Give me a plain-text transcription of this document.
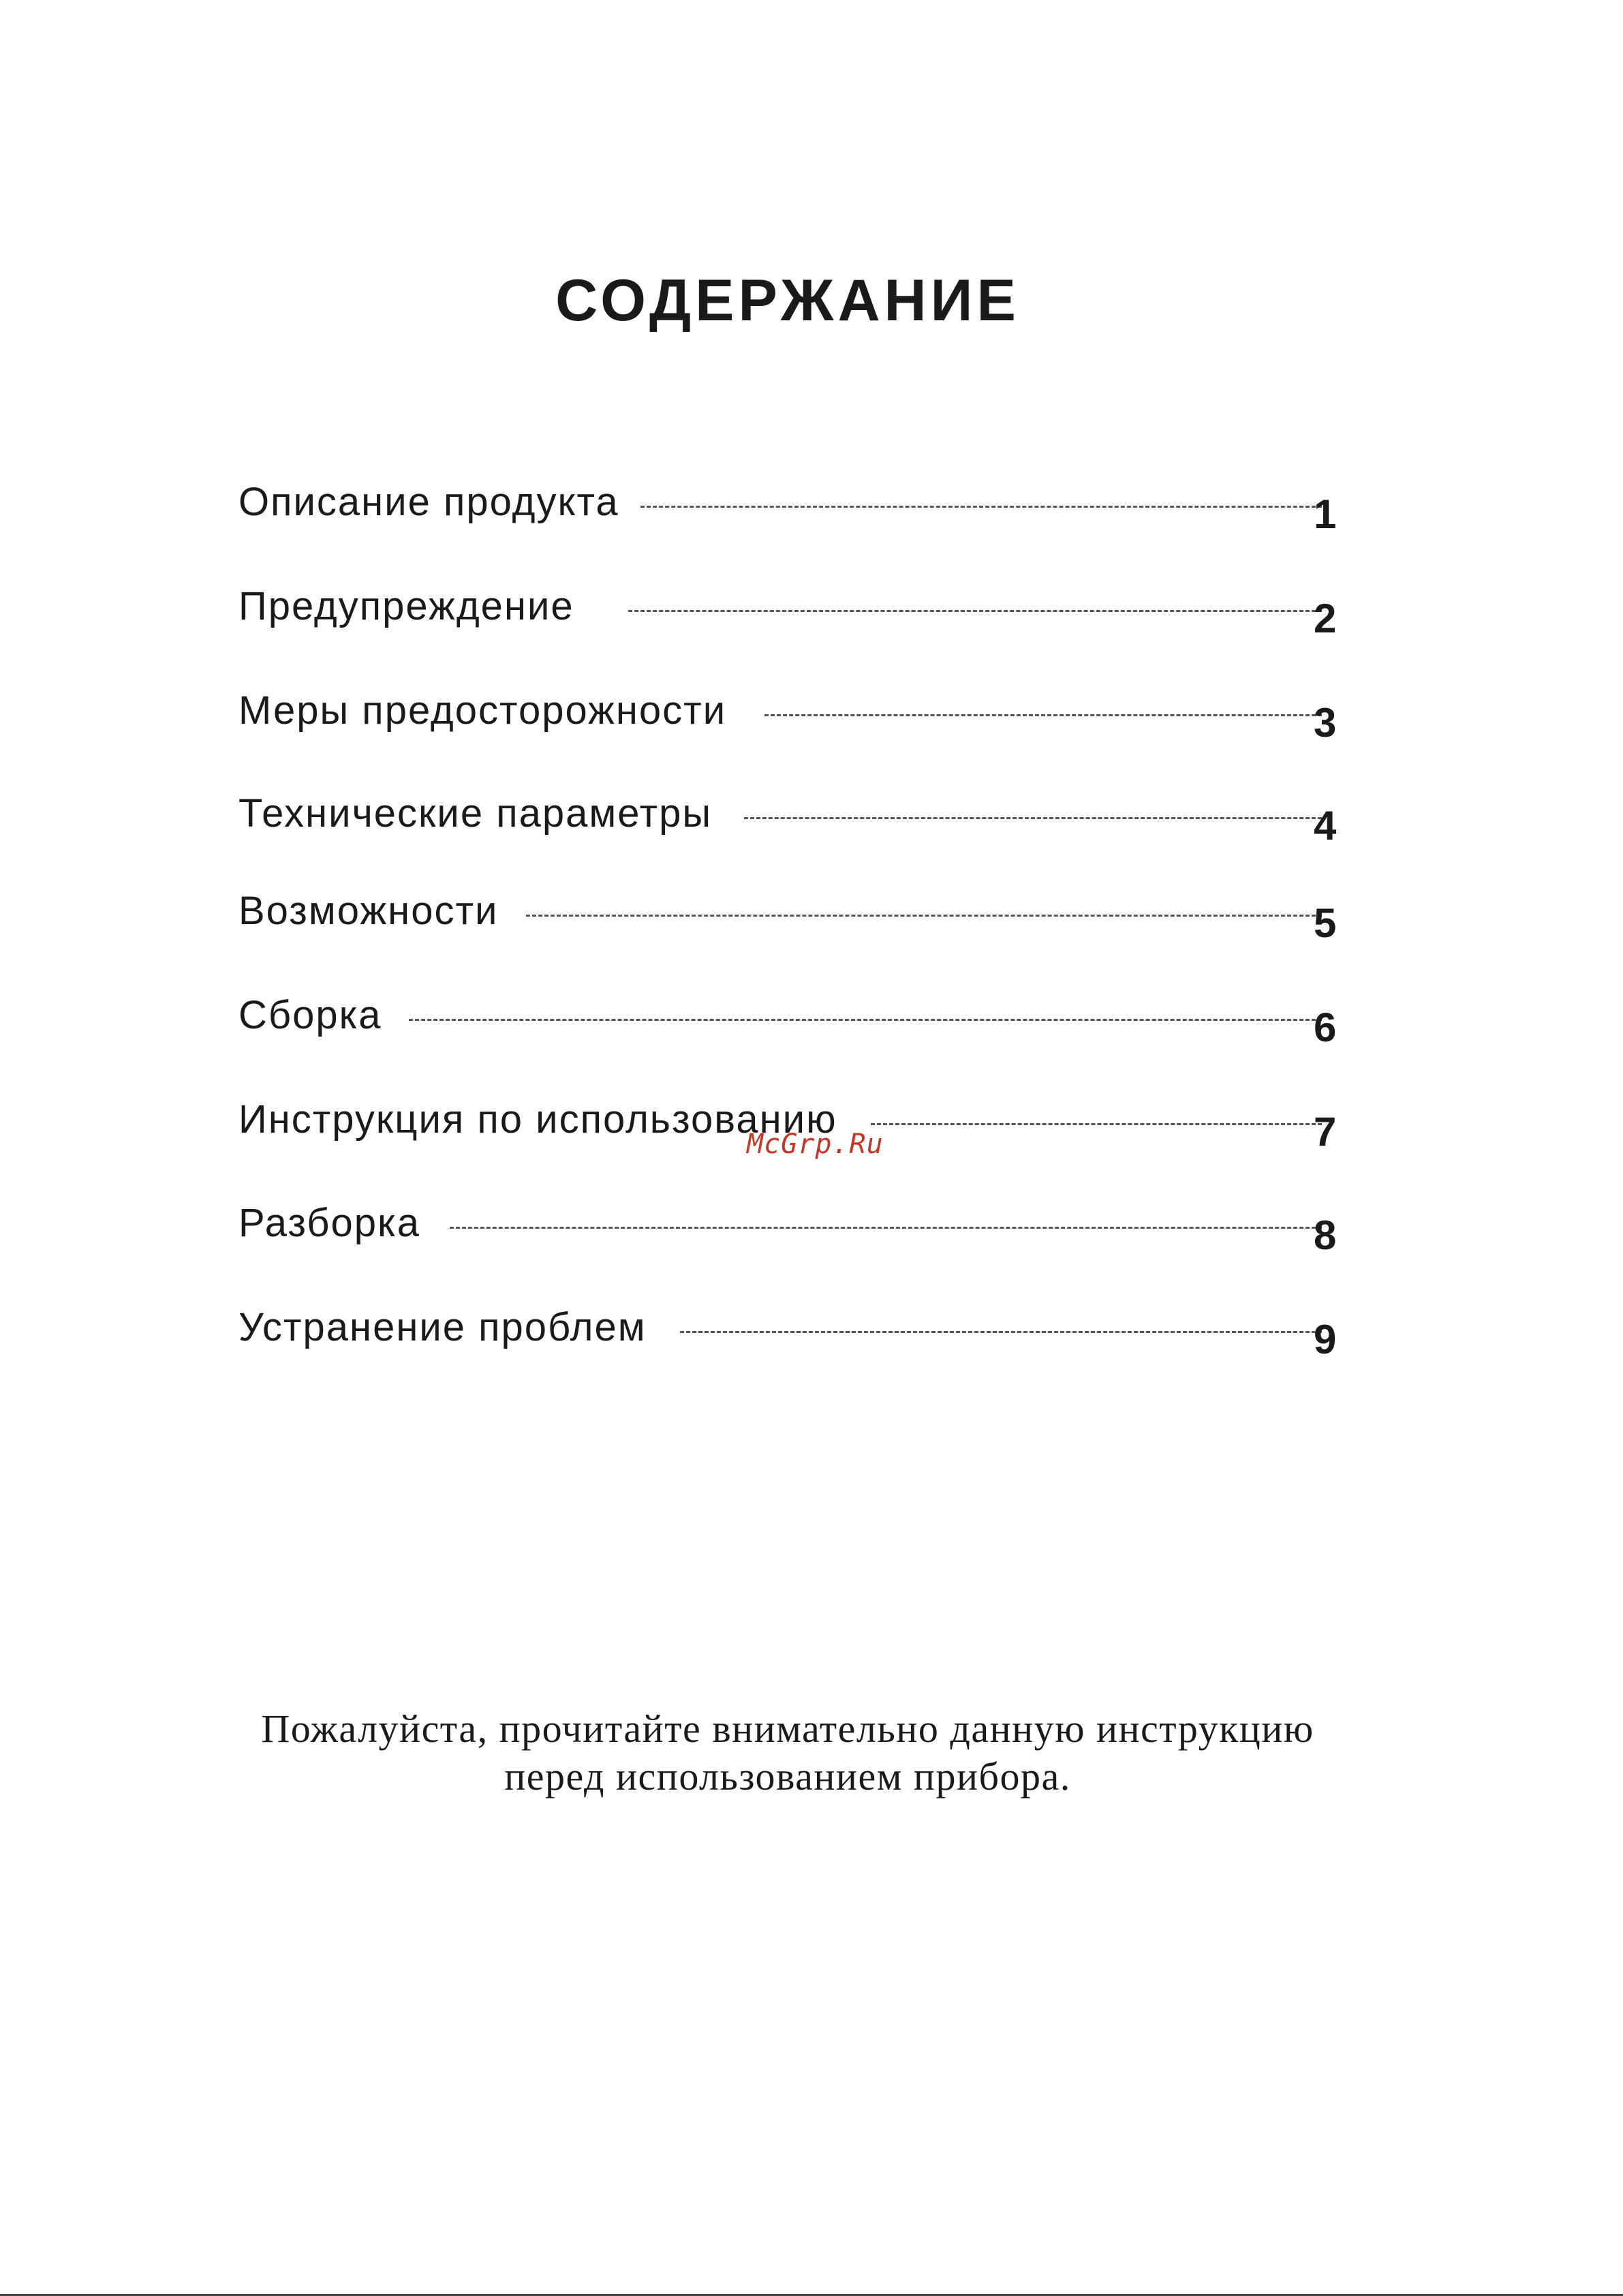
СОДЕРЖАНИЕ
Описание продукта	1
Предупреждение	2
Меры предосторожности	3
Технические параметры	4
Возможности	5
Сборка	6
Инструкция по использованию	7
Разборка	8
Устранение проблем	9
McGrp.Ru
Пожалуйста, прочитайте внимательно данную инструкцию
перед использованием прибора.
